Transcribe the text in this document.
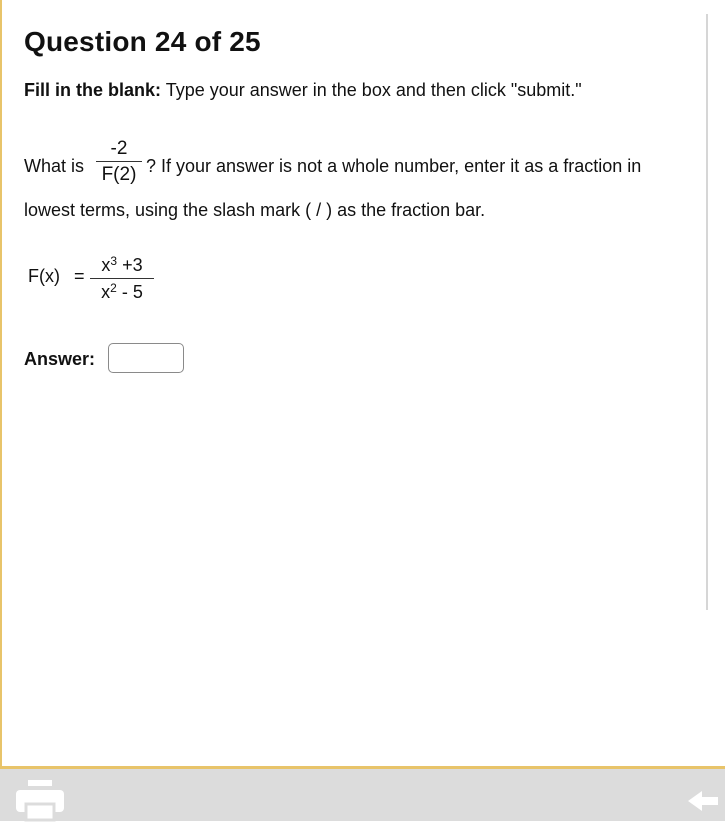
Question 24 of 25
Fill in the blank: Type your answer in the box and then click "submit."
What is
-2
F(2) ? If your answer is not a whole number, enter it as a fraction in
lowest terms, using the slash mark ( / ) as the fraction bar.
F(x) =
$x^3 +3$
$x^2 - 5$
Answer:
